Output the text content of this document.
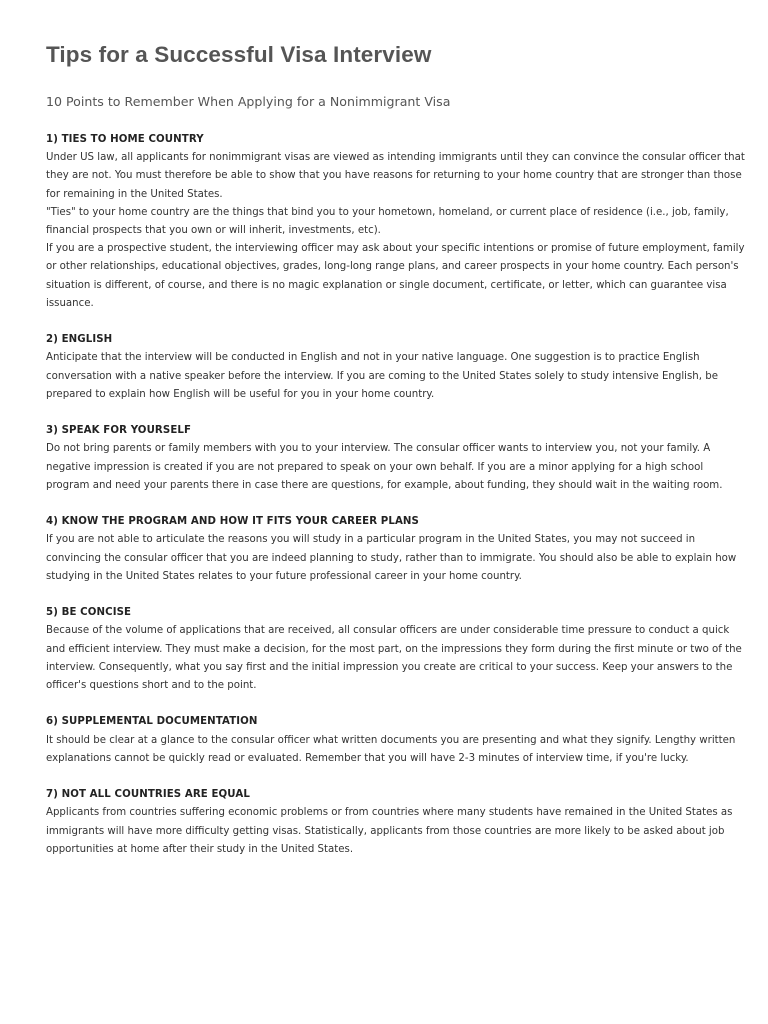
Tips for a Successful Visa Interview
10 Points to Remember When Applying for a Nonimmigrant Visa
1) TIES TO HOME COUNTRY

Under US law, all applicants for nonimmigrant visas are viewed as intending immigrants until they can convince the consular officer that they are not. You must therefore be able to show that you have reasons for returning to your home country that are stronger than those for remaining in the United States.

"Ties" to your home country are the things that bind you to your hometown, homeland, or current place of residence (i.e., job, family, financial prospects that you own or will inherit, investments, etc).

If you are a prospective student, the interviewing officer may ask about your specific intentions or promise of future employment, family or other relationships, educational objectives, grades, long-long range plans, and career prospects in your home country. Each person's situation is different, of course, and there is no magic explanation or single document, certificate, or letter, which can guarantee visa issuance.

2) ENGLISH

Anticipate that the interview will be conducted in English and not in your native language. One suggestion is to practice English conversation with a native speaker before the interview. If you are coming to the United States solely to study intensive English, be prepared to explain how English will be useful for you in your home country.

3) SPEAK FOR YOURSELF

Do not bring parents or family members with you to your interview. The consular officer wants to interview you, not your family. A negative impression is created if you are not prepared to speak on your own behalf. If you are a minor applying for a high school program and need your parents there in case there are questions, for example, about funding, they should wait in the waiting room.

4) KNOW THE PROGRAM AND HOW IT FITS YOUR CAREER PLANS

If you are not able to articulate the reasons you will study in a particular program in the United States, you may not succeed in convincing the consular officer that you are indeed planning to study, rather than to immigrate. You should also be able to explain how studying in the United States relates to your future professional career in your home country.

5) BE CONCISE

Because of the volume of applications that are received, all consular officers are under considerable time pressure to conduct a quick and efficient interview. They must make a decision, for the most part, on the impressions they form during the first minute or two of the interview. Consequently, what you say first and the initial impression you create are critical to your success. Keep your answers to the officer's questions short and to the point.

6) SUPPLEMENTAL DOCUMENTATION

It should be clear at a glance to the consular officer what written documents you are presenting and what they signify. Lengthy written explanations cannot be quickly read or evaluated. Remember that you will have 2-3 minutes of interview time, if you're lucky.

7) NOT ALL COUNTRIES ARE EQUAL

Applicants from countries suffering economic problems or from countries where many students have remained in the United States as immigrants will have more difficulty getting visas. Statistically, applicants from those countries are more likely to be asked about job opportunities at home after their study in the United States.
